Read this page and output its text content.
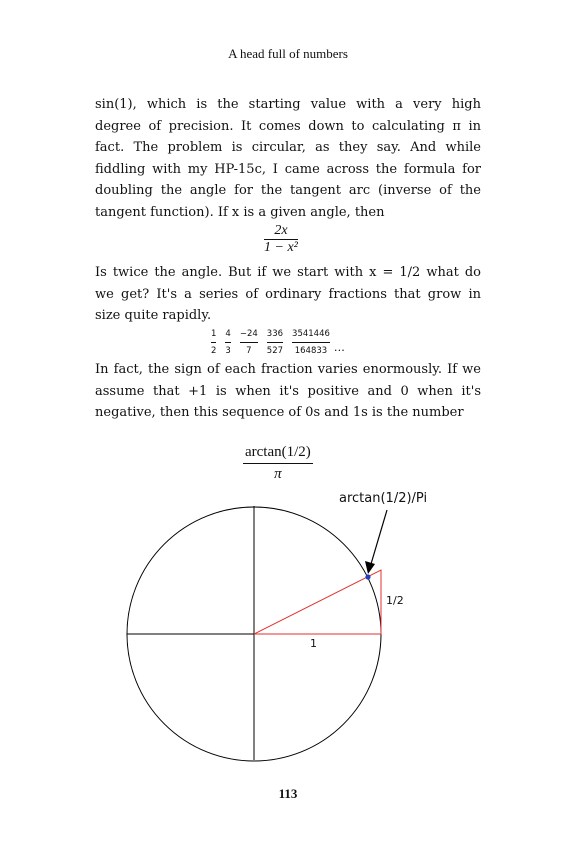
A head full of numbers
sin(1), which is the starting value with a very high
degree of precision. It comes down to calculating π in
fact. The problem is circular, as they say. And while
fiddling with my HP-15c, I came across the formula for
doubling the angle for the tangent arc (inverse of the
tangent function). If x is a given angle, then
2x
1 − x²
Is twice the angle. But if we start with x = 1/2 what do
we get? It's a series of ordinary fractions that grow in
size quite rapidly.
1
2
4
3
−24
7
336
527
3541446
164833 …
In fact, the sign of each fraction varies enormously. If we
assume that +1 is when it's positive and 0 when it's
negative, then this sequence of 0s and 1s is the number
arctan(1/2)
π
arctan(1/2)/Pi
1/2
1
113
